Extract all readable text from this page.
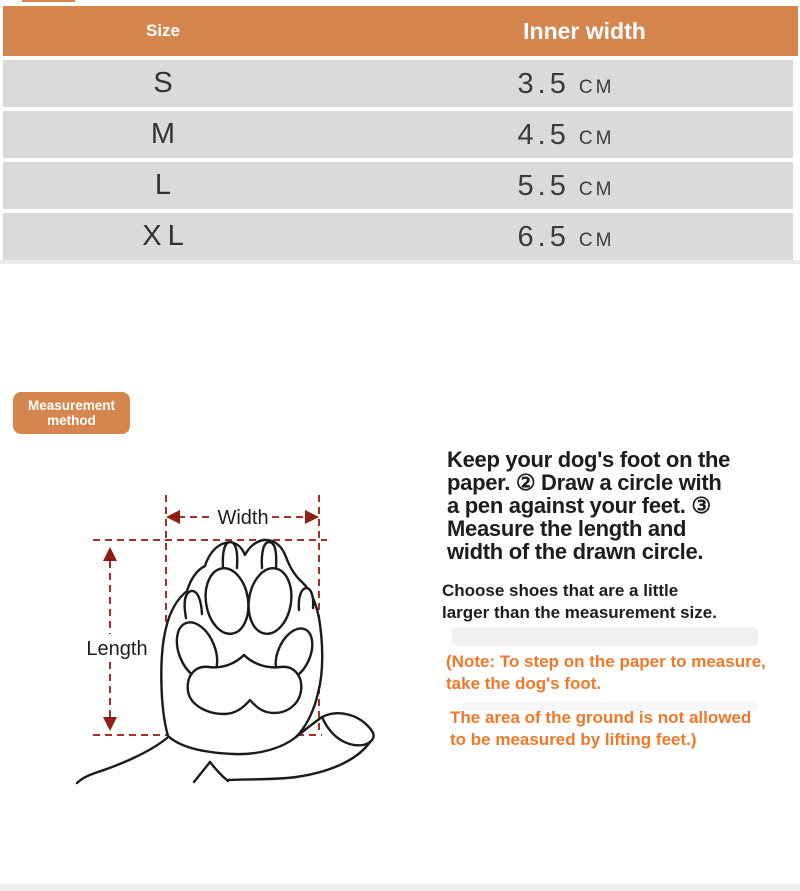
Size	Inner width
S	3.5 CM
M	4.5 CM
L	5.5 CM
XL	6.5 CM
Measurement
method
Width
Length
Keep your dog's foot on the
paper. ② Draw a circle with
a pen against your feet. ③
Measure the length and
width of the drawn circle.
Choose shoes that are a little
larger than the measurement size.
(Note: To step on the paper to measure,
take the dog's foot.
The area of the ground is not allowed
to be measured by lifting feet.)
